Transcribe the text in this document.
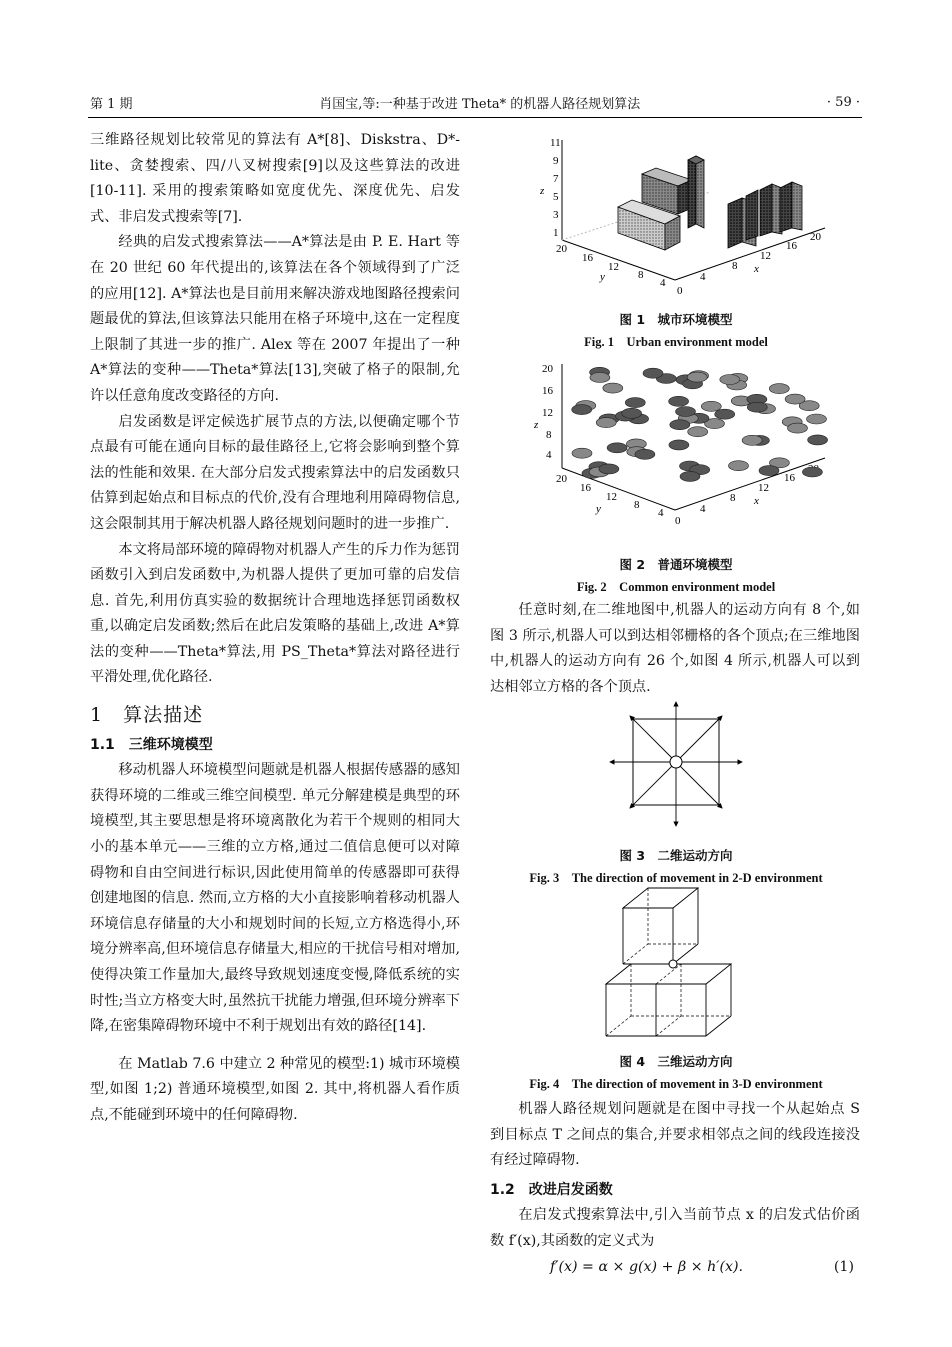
第 1 期	肖国宝,等:一种基于改进 Theta* 的机器人路径规划算法	· 59 ·

三维路径规划比较常见的算法有 A*[8]、Diskstra、D*-lite、贪婪搜索、四/八叉树搜索[9]以及这些算法的改进[10-11]. 采用的搜索策略如宽度优先、深度优先、启发式、非启发式搜索等[7].

经典的启发式搜索算法——A*算法是由 P. E. Hart 等在 20 世纪 60 年代提出的,该算法在各个领域得到了广泛的应用[12]. A*算法也是目前用来解决游戏地图路径搜索问题最优的算法,但该算法只能用在格子环境中,这在一定程度上限制了其进一步的推广. Alex 等在 2007 年提出了一种 A*算法的变种——Theta*算法[13],突破了格子的限制,允许以任意角度改变路径的方向.

启发函数是评定候选扩展节点的方法,以便确定哪个节点最有可能在通向目标的最佳路径上,它将会影响到整个算法的性能和效果. 在大部分启发式搜索算法中的启发函数只估算到起始点和目标点的代价,没有合理地利用障碍物信息,这会限制其用于解决机器人路径规划问题时的进一步推广.

本文将局部环境的障碍物对机器人产生的斥力作为惩罚函数引入到启发函数中,为机器人提供了更加可靠的启发信息. 首先,利用仿真实验的数据统计合理地选择惩罚函数权重,以确定启发函数;然后在此启发策略的基础上,改进 A*算法的变种——Theta*算法,用 PS_Theta*算法对路径进行平滑处理,优化路径.

1　算法描述
1.1　三维环境模型

移动机器人环境模型问题就是机器人根据传感器的感知获得环境的二维或三维空间模型. 单元分解建模是典型的环境模型,其主要思想是将环境离散化为若干个规则的相同大小的基本单元——三维的立方格,通过二值信息便可以对障碍物和自由空间进行标识,因此使用简单的传感器即可获得创建地图的信息. 然而,立方格的大小直接影响着移动机器人环境信息存储量的大小和规划时间的长短,立方格选得小,环境分辨率高,但环境信息存储量大,相应的干扰信号相对增加,使得决策工作量加大,最终导致规划速度变慢,降低系统的实时性;当立方格变大时,虽然抗干扰能力增强,但环境分辨率下降,在密集障碍物环境中不利于规划出有效的路径[14].

在 Matlab 7.6 中建立 2 种常见的模型:1) 城市环境模型,如图 1;2) 普通环境模型,如图 2. 其中,将机器人看作质点,不能碰到环境中的任何障碍物.

11
9
7
5
3
1
z
20
16
12
8
4
0
y	4
8
12
16
20
x
图 1　城市环境模型
Fig. 1　Urban environment model
20
16
12
8
4
z
20
16
12
8
4
0
y	4
8
12
16
x
图 2　普通环境模型
Fig. 2　Common environment model

任意时刻,在二维地图中,机器人的运动方向有 8 个,如图 3 所示,机器人可以到达相邻栅格的各个顶点;在三维地图中,机器人的运动方向有 26 个,如图 4 所示,机器人可以到达相邻立方格的各个顶点.

图 3　二维运动方向
Fig. 3　The direction of movement in 2-D environment
图 4　三维运动方向
Fig. 4　The direction of movement in 3-D environment

机器人路径规划问题就是在图中寻找一个从起始点 S 到目标点 T 之间点的集合,并要求相邻点之间的线段连接没有经过障碍物.

1.2　改进启发函数

在启发式搜索算法中,引入当前节点 x 的启发式估价函数 f′(x),其函数的定义式为

f′(x) = α × g(x) + β × h′(x).	(1)
